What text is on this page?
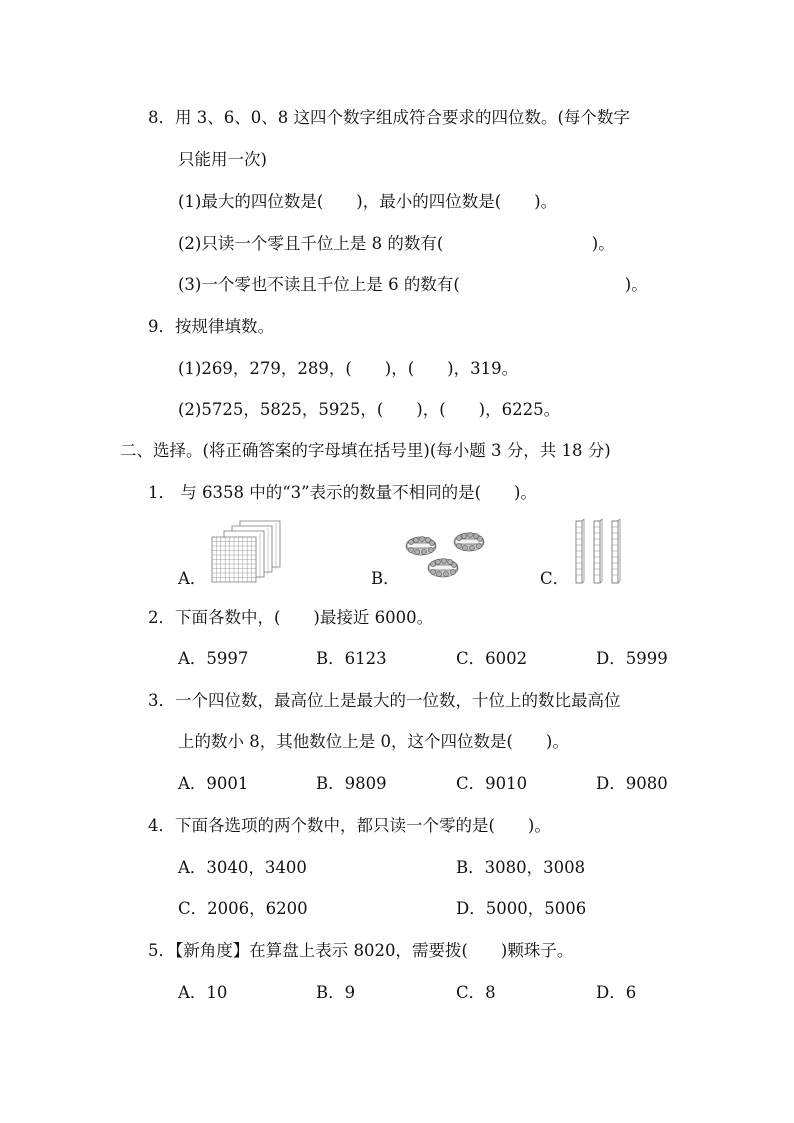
8．用 3、6、0、8 这四个数字组成符合要求的四位数。(每个数字
只能用一次)
(1)最大的四位数是(　　)，最小的四位数是(　　)。
(2)只读一个零且千位上是 8 的数有(　　　　　　　　　)。
(3)一个零也不读且千位上是 6 的数有(　　　　　　　　　　)。
9．按规律填数。
(1)269，279，289，(　　)，(　　)，319。
(2)5725，5825，5925，(　　)，(　　)，6225。
二、选择。(将正确答案的字母填在括号里)(每小题 3 分，共 18 分)
1． 与 6358 中的“3”表示的数量不相同的是(　　)。
A．	B．	C．
2．下面各数中，(　　)最接近 6000。
A．5997	B．6123	C．6002	D．5999
3．一个四位数，最高位上是最大的一位数，十位上的数比最高位
上的数小 8，其他数位上是 0，这个四位数是(　　)。
A．9001	B．9809	C．9010	D．9080
4．下面各选项的两个数中，都只读一个零的是(　　)。
A．3040，3400	B．3080，3008
C．2006，6200	D．5000，5006
5．【新角度】在算盘上表示 8020，需要拨(　　)颗珠子。
A．10	B．9	C．8	D．6
